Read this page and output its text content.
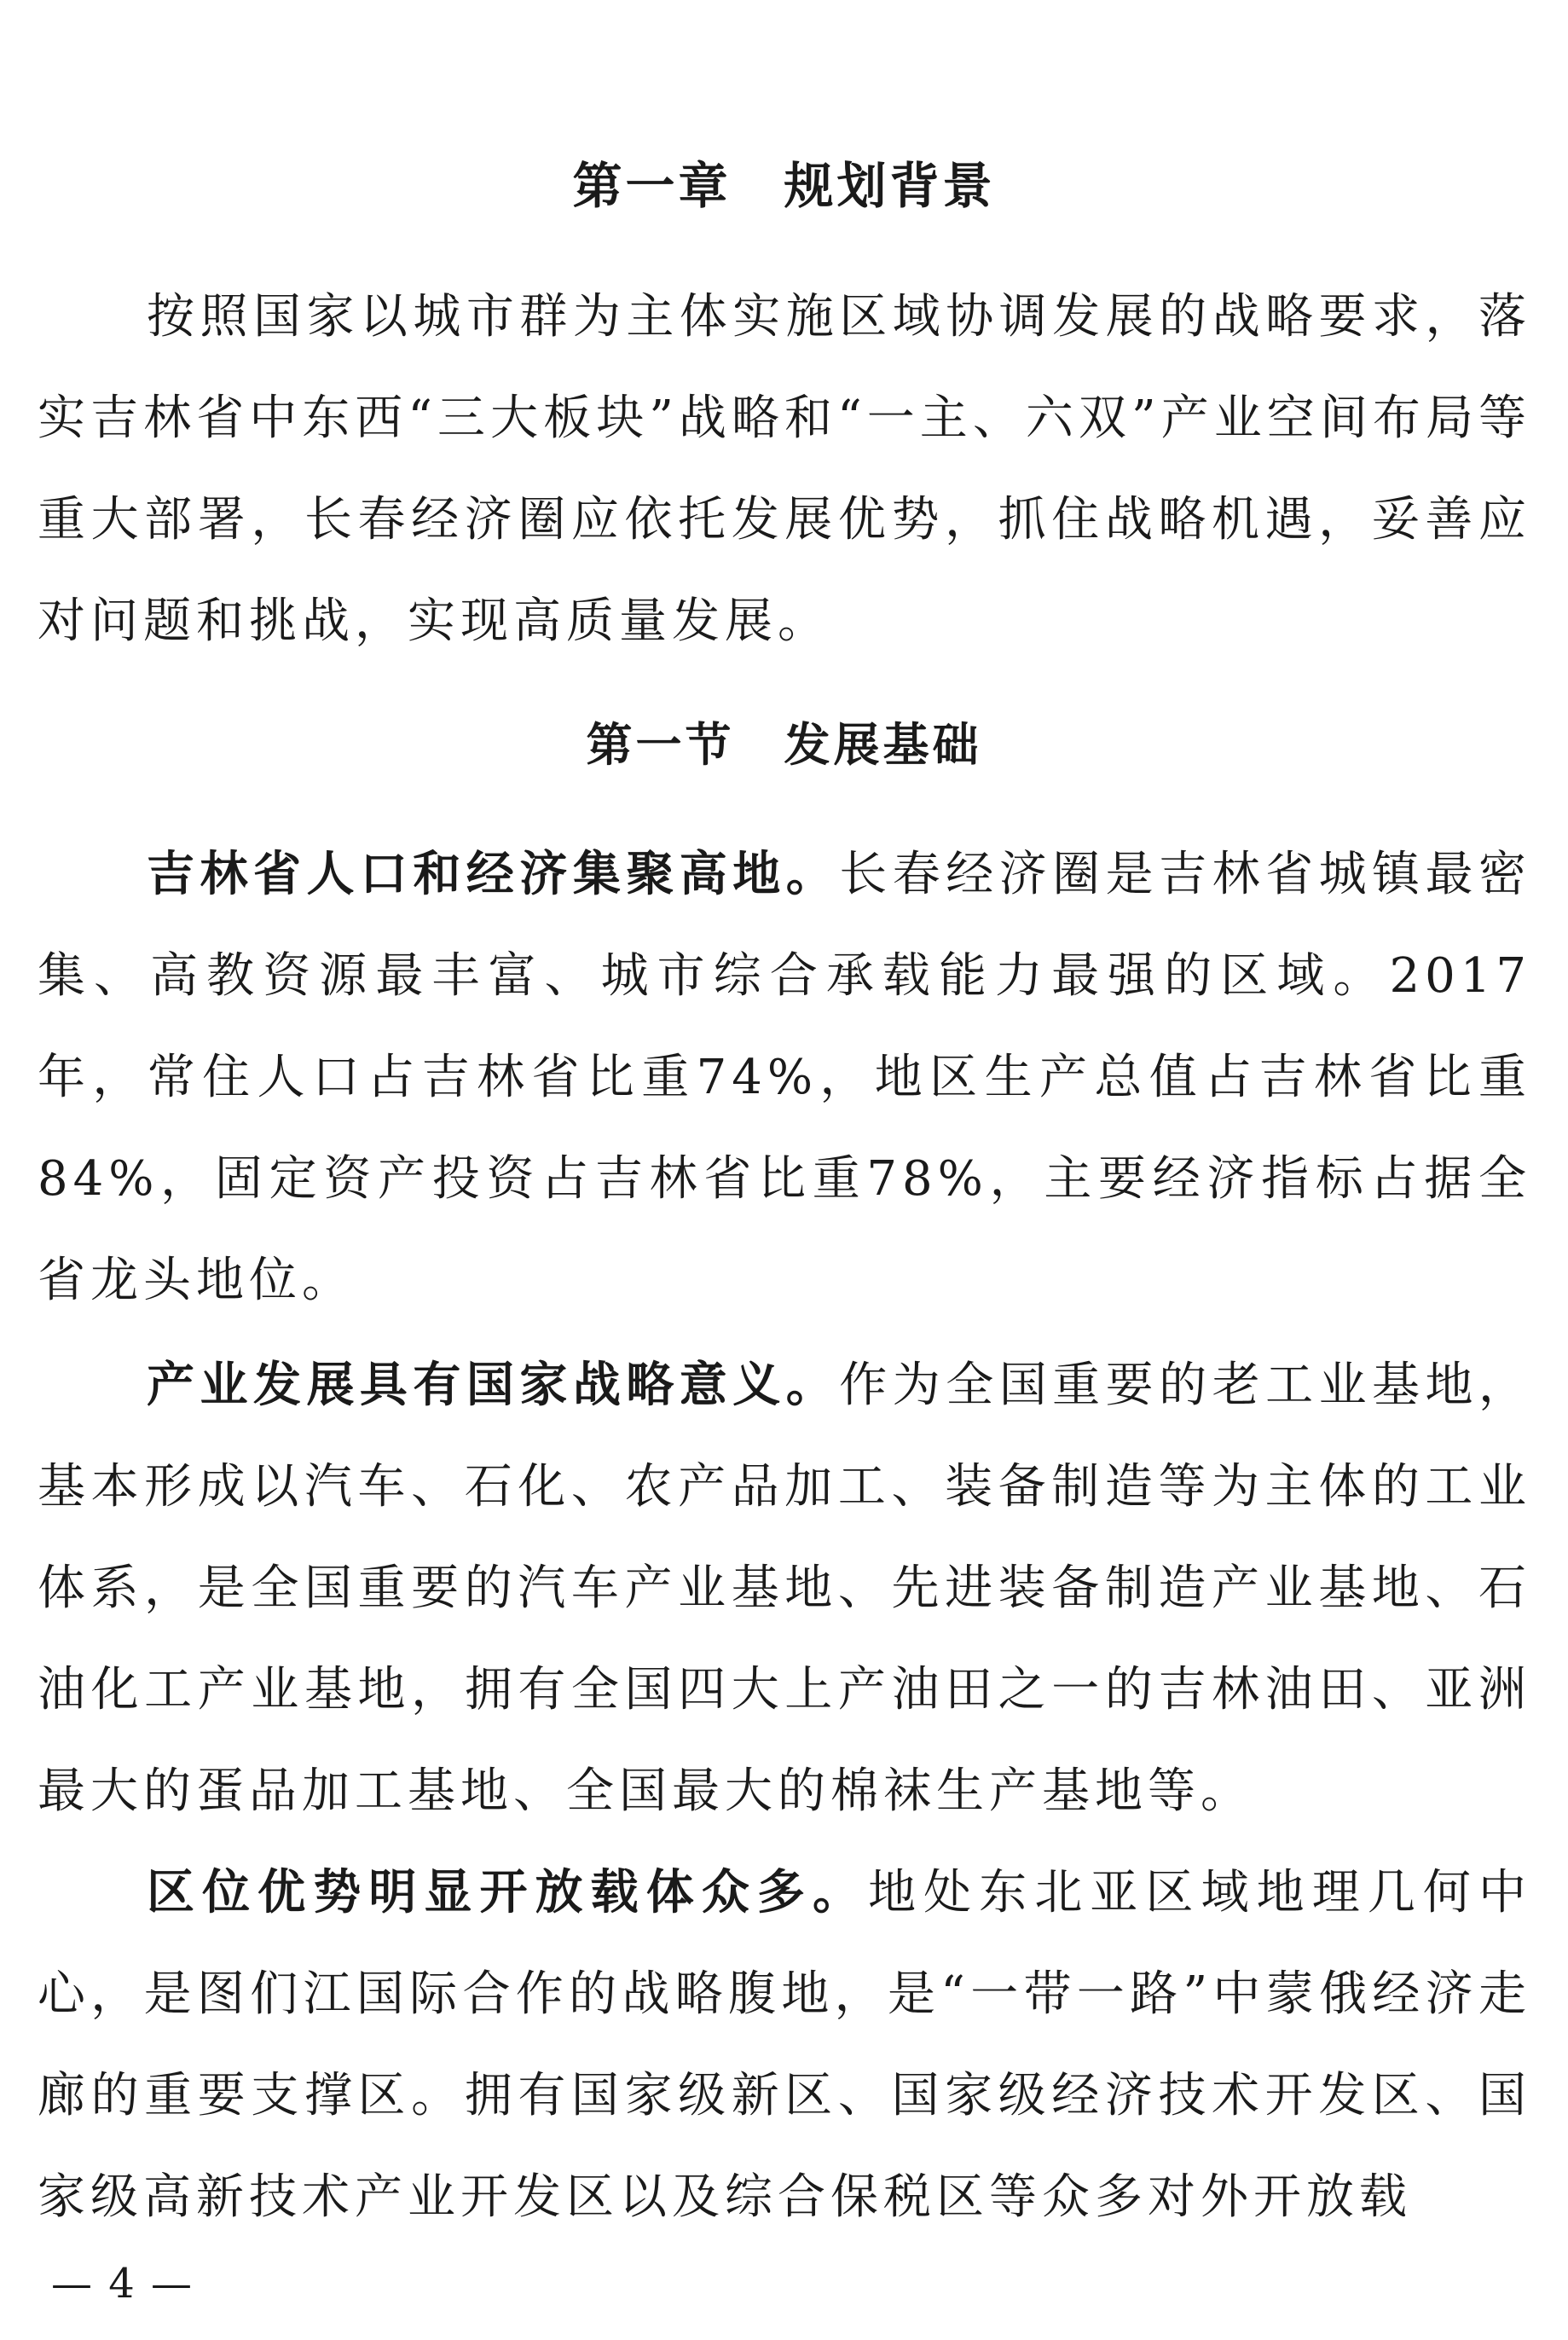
第一章　规划背景

按照国家以城市群为主体实施区域协调发展的战略要求，落实吉林省中东西“三大板块”战略和“一主、六双”产业空间布局等重大部署，长春经济圈应依托发展优势，抓住战略机遇，妥善应对问题和挑战，实现高质量发展。

第一节　发展基础

吉林省人口和经济集聚高地。长春经济圈是吉林省城镇最密集、高教资源最丰富、城市综合承载能力最强的区域。2017年，常住人口占吉林省比重74%，地区生产总值占吉林省比重84%，固定资产投资占吉林省比重78%，主要经济指标占据全省龙头地位。

产业发展具有国家战略意义。作为全国重要的老工业基地，基本形成以汽车、石化、农产品加工、装备制造等为主体的工业体系，是全国重要的汽车产业基地、先进装备制造产业基地、石油化工产业基地，拥有全国四大上产油田之一的吉林油田、亚洲最大的蛋品加工基地、全国最大的棉袜生产基地等。

区位优势明显开放载体众多。地处东北亚区域地理几何中心，是图们江国际合作的战略腹地，是“一带一路”中蒙俄经济走廊的重要支撑区。拥有国家级新区、国家级经济技术开发区、国家级高新技术产业开发区以及综合保税区等众多对外开放载

— 4 —
